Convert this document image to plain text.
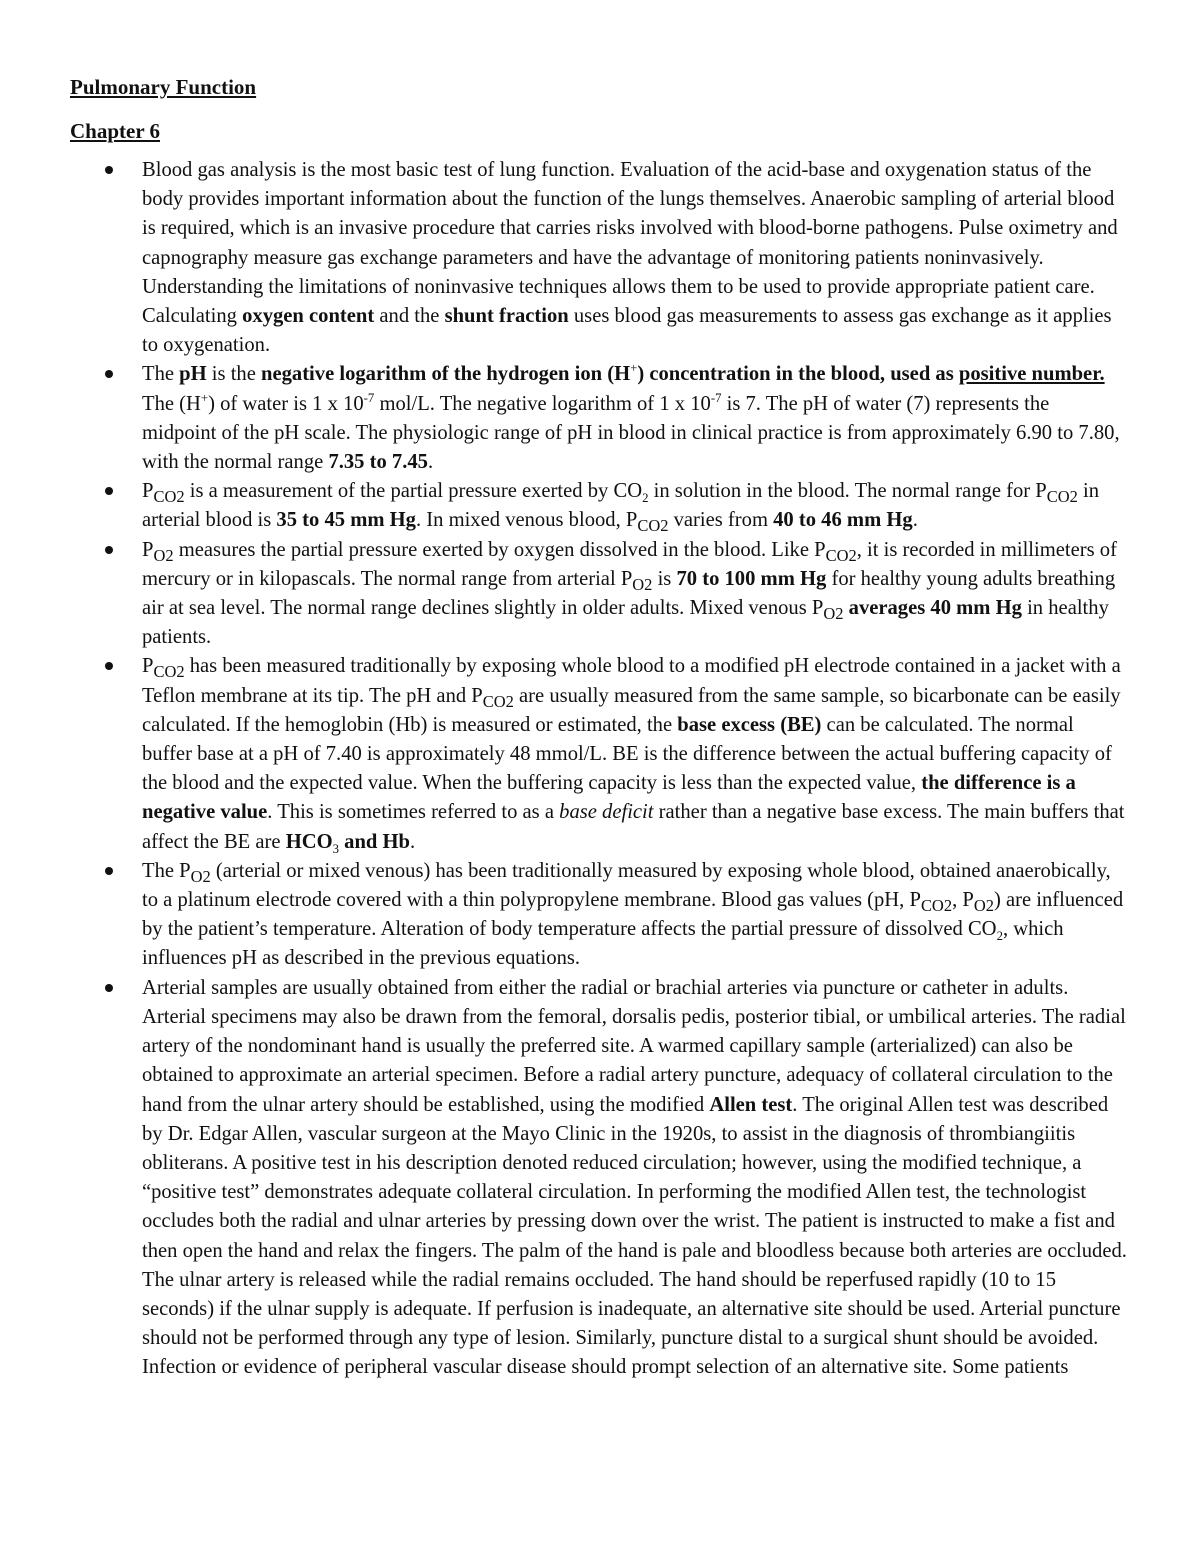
Pulmonary Function
Chapter 6
Blood gas analysis is the most basic test of lung function. Evaluation of the acid-base and oxygenation status of the body provides important information about the function of the lungs themselves. Anaerobic sampling of arterial blood is required, which is an invasive procedure that carries risks involved with blood-borne pathogens. Pulse oximetry and capnography measure gas exchange parameters and have the advantage of monitoring patients noninvasively. Understanding the limitations of noninvasive techniques allows them to be used to provide appropriate patient care. Calculating oxygen content and the shunt fraction uses blood gas measurements to assess gas exchange as it applies to oxygenation.
The pH is the negative logarithm of the hydrogen ion (H+) concentration in the blood, used as positive number. The (H+) of water is 1 x $10^{-7}$ mol/L. The negative logarithm of 1 x $10^{-7}$ is 7. The pH of water (7) represents the midpoint of the pH scale. The physiologic range of pH in blood in clinical practice is from approximately 6.90 to 7.80, with the normal range 7.35 to 7.45.
$P_{CO2}$ is a measurement of the partial pressure exerted by $CO_2$ in solution in the blood. The normal range for $P_{CO2}$ in arterial blood is 35 to 45 mm Hg. In mixed venous blood, $P_{CO2}$ varies from 40 to 46 mm Hg.
$P_{O2}$ measures the partial pressure exerted by oxygen dissolved in the blood. Like $P_{CO2}$, it is recorded in millimeters of mercury or in kilopascals. The normal range from arterial $P_{O2}$ is 70 to 100 mm Hg for healthy young adults breathing air at sea level. The normal range declines slightly in older adults. Mixed venous $P_{O2}$ averages 40 mm Hg in healthy patients.
$P_{CO2}$ has been measured traditionally by exposing whole blood to a modified pH electrode contained in a jacket with a Teflon membrane at its tip. The pH and $P_{CO2}$ are usually measured from the same sample, so bicarbonate can be easily calculated. If the hemoglobin (Hb) is measured or estimated, the base excess (BE) can be calculated. The normal buffer base at a pH of 7.40 is approximately 48 mmol/L. BE is the difference between the actual buffering capacity of the blood and the expected value. When the buffering capacity is less than the expected value, the difference is a negative value. This is sometimes referred to as a base deficit rather than a negative base excess. The main buffers that affect the BE are $HCO_3$ and Hb.
The $P_{O2}$ (arterial or mixed venous) has been traditionally measured by exposing whole blood, obtained anaerobically, to a platinum electrode covered with a thin polypropylene membrane. Blood gas values (pH, $P_{CO2}$, $P_{O2}$) are influenced by the patient’s temperature. Alteration of body temperature affects the partial pressure of dissolved $CO_2$, which influences pH as described in the previous equations.
Arterial samples are usually obtained from either the radial or brachial arteries via puncture or catheter in adults. Arterial specimens may also be drawn from the femoral, dorsalis pedis, posterior tibial, or umbilical arteries. The radial artery of the nondominant hand is usually the preferred site. A warmed capillary sample (arterialized) can also be obtained to approximate an arterial specimen. Before a radial artery puncture, adequacy of collateral circulation to the hand from the ulnar artery should be established, using the modified Allen test. The original Allen test was described by Dr. Edgar Allen, vascular surgeon at the Mayo Clinic in the 1920s, to assist in the diagnosis of thrombiangiitis obliterans. A positive test in his description denoted reduced circulation; however, using the modified technique, a “positive test” demonstrates adequate collateral circulation. In performing the modified Allen test, the technologist occludes both the radial and ulnar arteries by pressing down over the wrist. The patient is instructed to make a fist and then open the hand and relax the fingers. The palm of the hand is pale and bloodless because both arteries are occluded. The ulnar artery is released while the radial remains occluded. The hand should be reperfused rapidly (10 to 15 seconds) if the ulnar supply is adequate. If perfusion is inadequate, an alternative site should be used. Arterial puncture should not be performed through any type of lesion. Similarly, puncture distal to a surgical shunt should be avoided. Infection or evidence of peripheral vascular disease should prompt selection of an alternative site. Some patients
